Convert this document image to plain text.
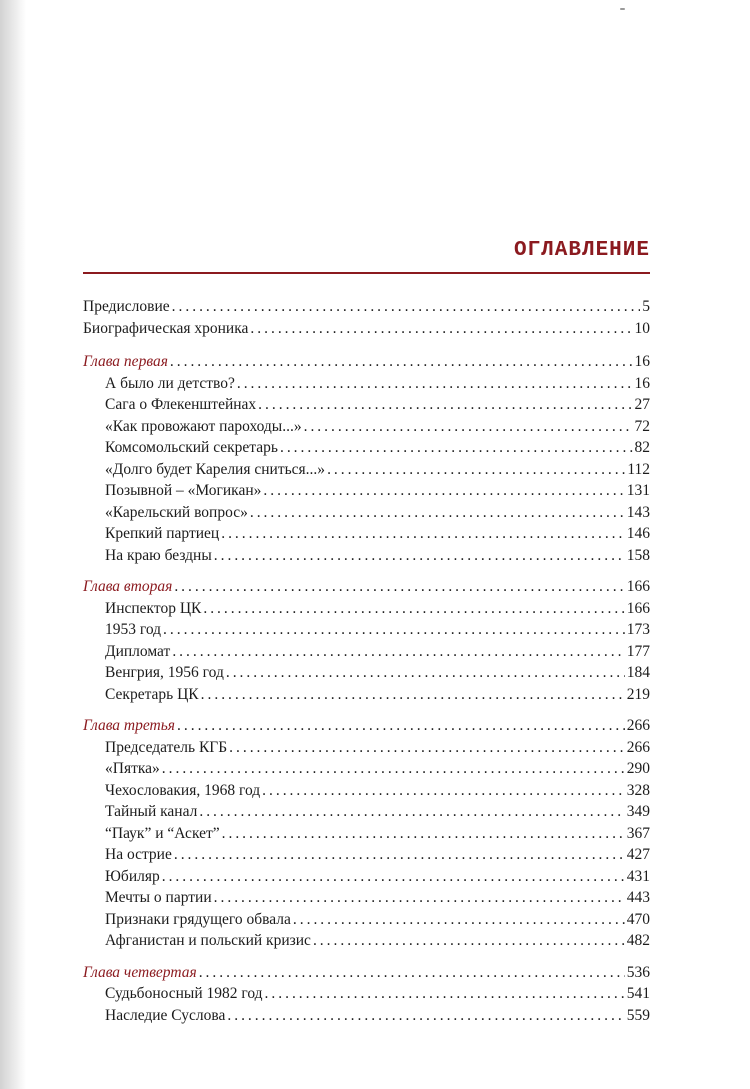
ОГЛАВЛЕНИЕ
Предисловие . . .	5
Биографическая хроника . . .	10
Глава первая . . .	16
А было ли детство? . . .	16
Сага о Флекенштейнах . . .	27
«Как провожают пароходы...» . . .	72
Комсомольский секретарь . . .	82
«Долго будет Карелия сниться...» . . .	112
Позывной – «Могикан» . . .	131
«Карельский вопрос» . . .	143
Крепкий партиец . . .	146
На краю бездны . . .	158
Глава вторая . . .	166
Инспектор ЦК . . .	166
1953 год . . .	173
Дипломат . . .	177
Венгрия, 1956 год . . .	184
Секретарь ЦК . . .	219
Глава третья . . .	266
Председатель КГБ . . .	266
«Пятка» . . .	290
Чехословакия, 1968 год . . .	328
Тайный канал . . .	349
“Паук” и “Аскет” . . .	367
На острие . . .	427
Юбиляр . . .	431
Мечты о партии . . .	443
Признаки грядущего обвала . . .	470
Афганистан и польский кризис . . .	482
Глава четвертая . . .	536
Судьбоносный 1982 год . . .	541
Наследие Суслова . . .	559
